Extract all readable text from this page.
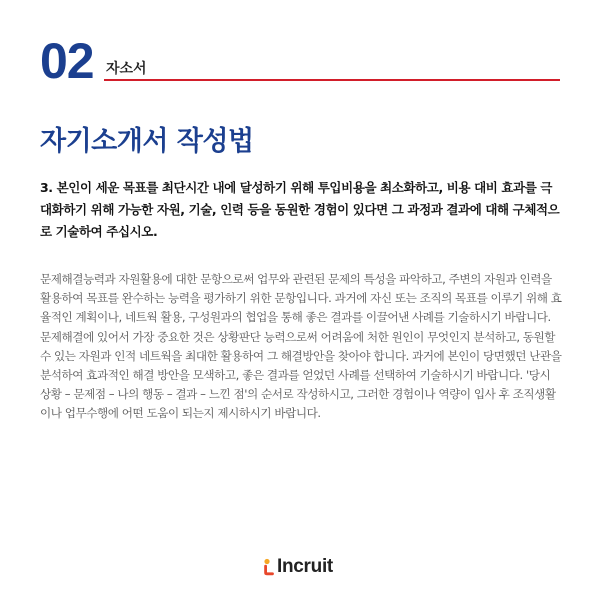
02 자소서
자기소개서 작성법

3. 본인이 세운 목표를 최단시간 내에 달성하기 위해 투입비용을 최소화하고, 비용 대비 효과를 극대화하기 위해 가능한 자원, 기술, 인력 등을 동원한 경험이 있다면 그 과정과 결과에 대해 구체적으로 기술하여 주십시오.

문제해결능력과 자원활용에 대한 문항으로써 업무와 관련된 문제의 특성을 파악하고, 주변의 자원과 인력을 활용하여 목표를 완수하는 능력을 평가하기 위한 문항입니다. 과거에 자신 또는 조직의 목표를 이루기 위해 효율적인 계획이나, 네트웍 활용, 구성원과의 협업을 통해 좋은 결과를 이끌어낸 사례를 기술하시기 바랍니다. 문제해결에 있어서 가장 중요한 것은 상황판단 능력으로써 어려움에 처한 원인이 무엇인지 분석하고, 동원할 수 있는 자원과 인적 네트웍을 최대한 활용하여 그 해결방안을 찾아야 합니다. 과거에 본인이 당면했던 난관을 분석하여 효과적인 해결 방안을 모색하고, 좋은 결과를 얻었던 사례를 선택하여 기술하시기 바랍니다. '당시 상황 – 문제점 – 나의 행동 – 결과 – 느낀 점'의 순서로 작성하시고, 그러한 경험이나 역량이 입사 후 조직생활이나 업무수행에 어떤 도움이 되는지 제시하시기 바랍니다.

Incruit
